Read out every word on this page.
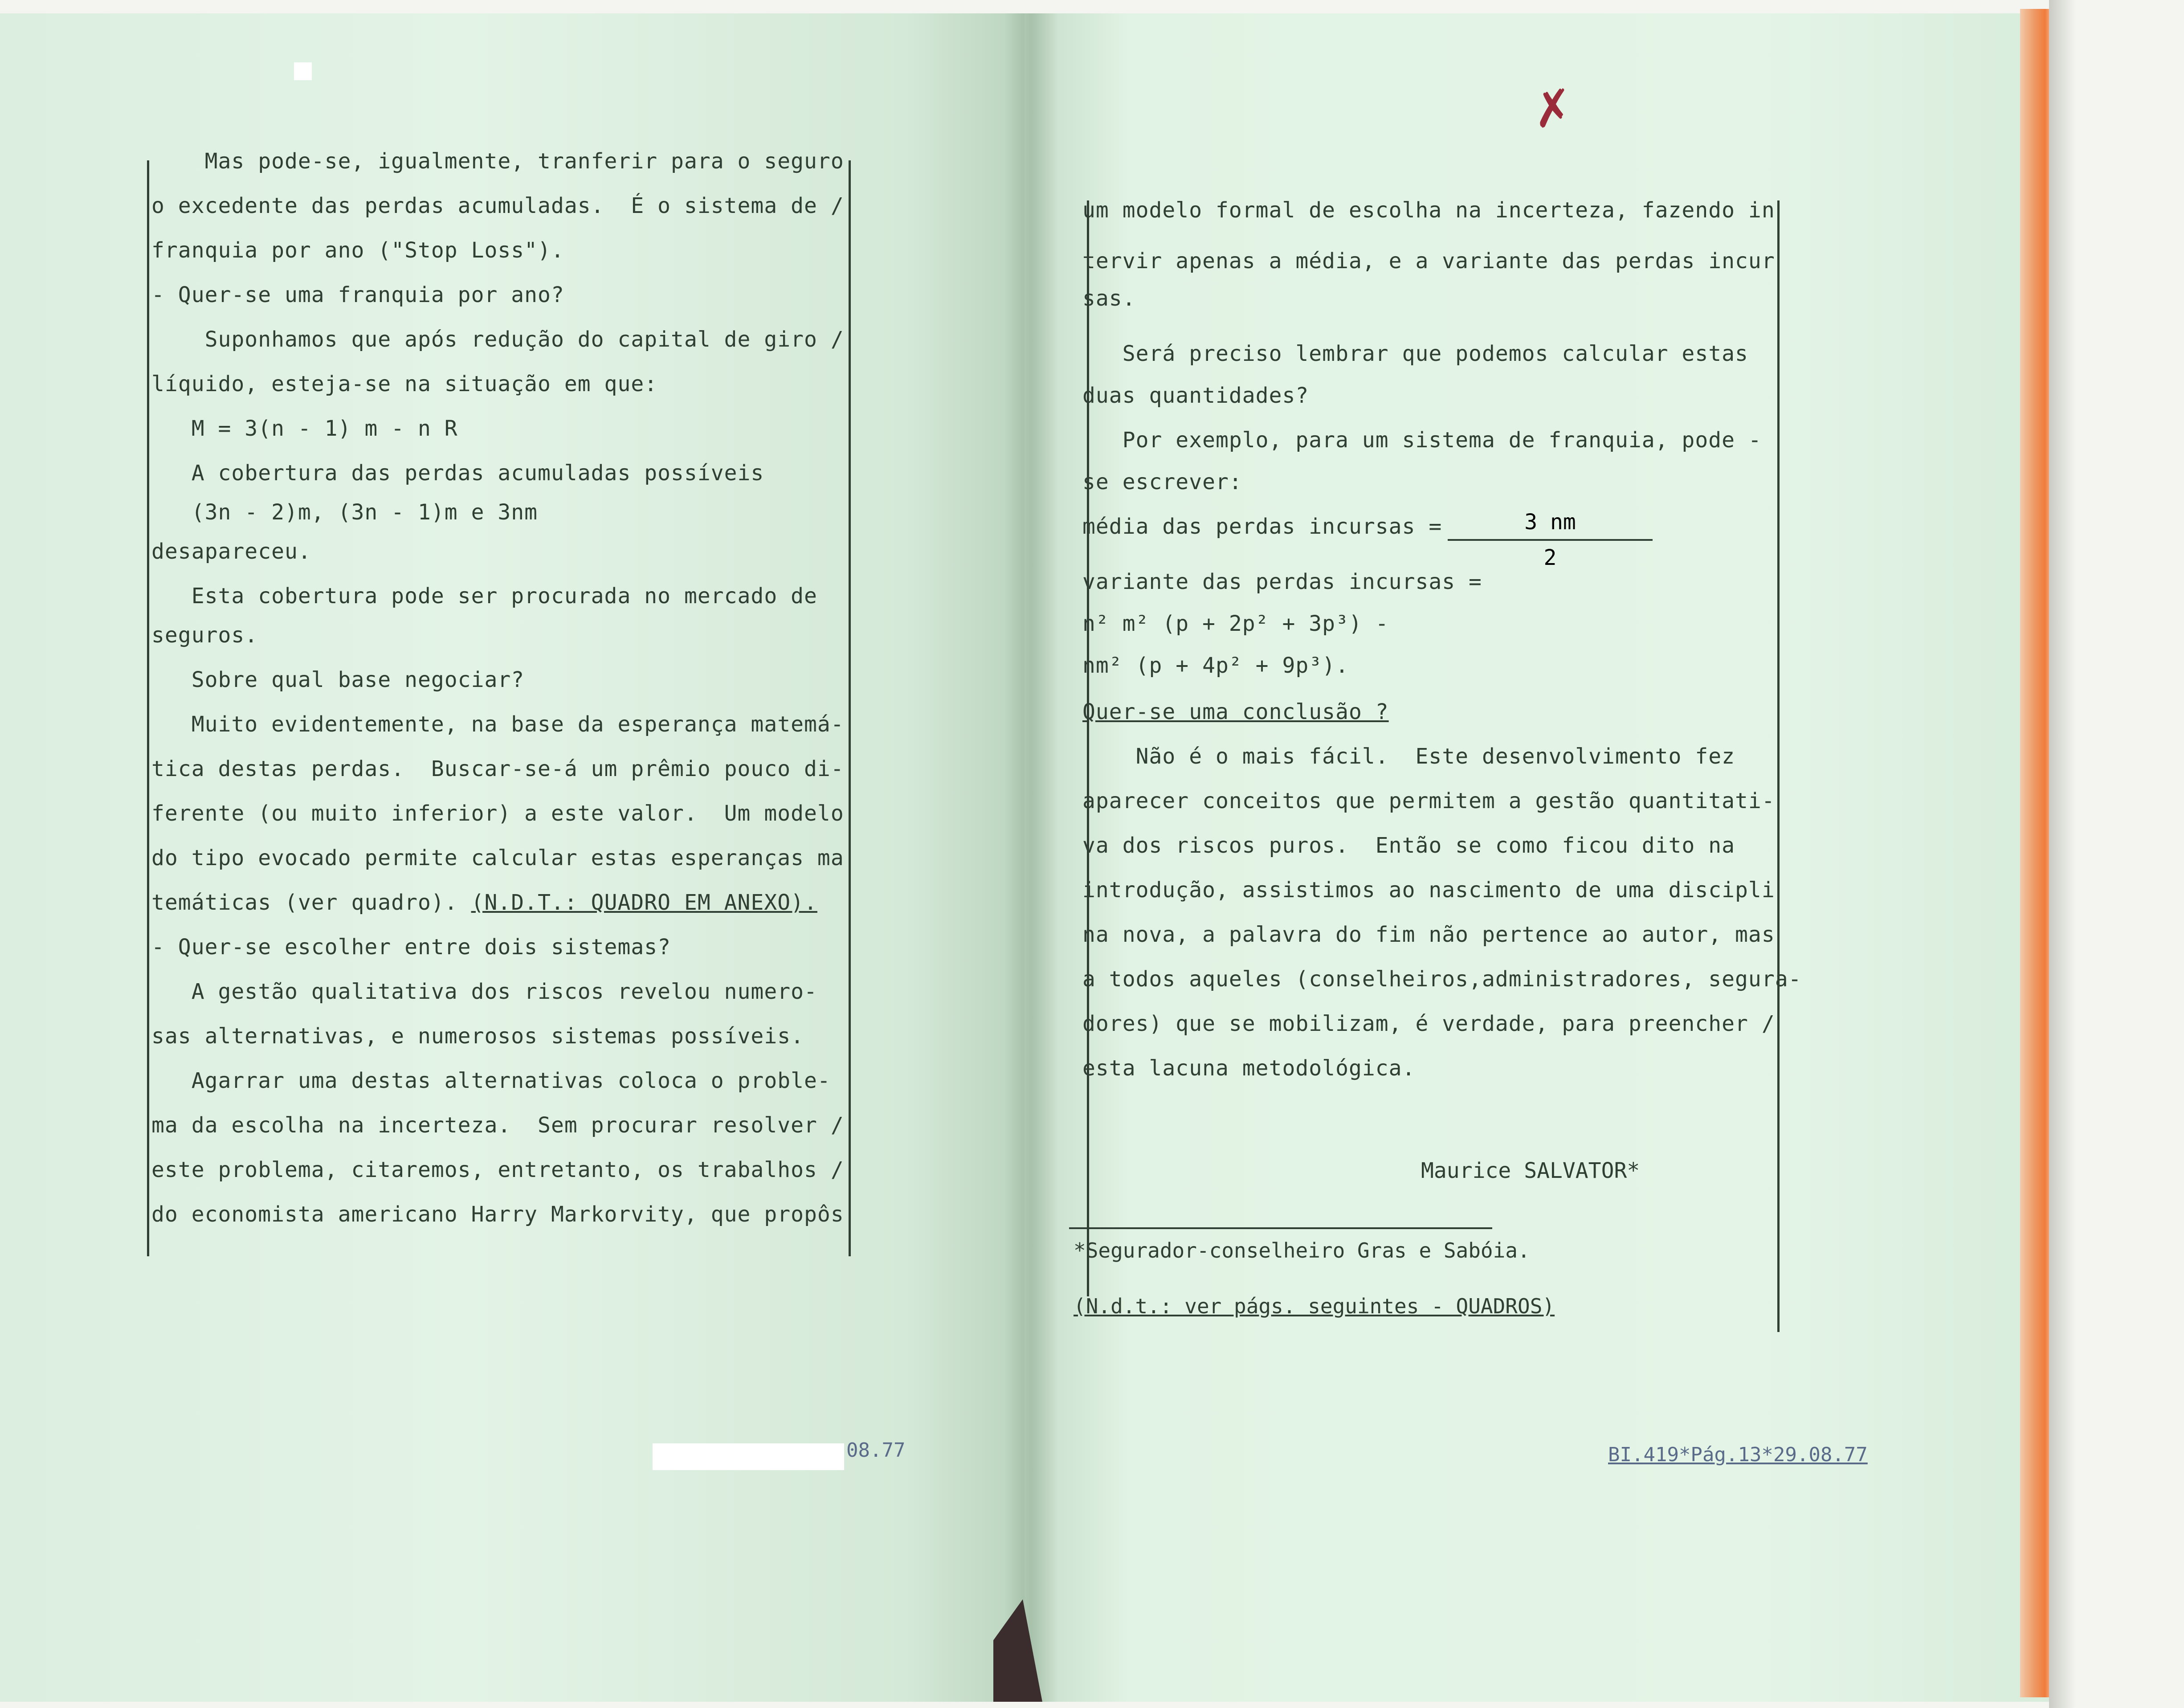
Mas pode-se, igualmente, tranferir para o seguro

o excedente das perdas acumuladas.  É o sistema de /

franquia por ano ("Stop Loss").

- Quer-se uma franquia por ano?

Suponhamos que após redução do capital de giro /

líquido, esteja-se na situação em que:

M = 3(n - 1) m - n R

A cobertura das perdas acumuladas possíveis

(3n - 2)m, (3n - 1)m e 3nm

desapareceu.

Esta cobertura pode ser procurada no mercado de

seguros.

Sobre qual base negociar?

Muito evidentemente, na base da esperança matemá-

tica destas perdas.  Buscar-se-á um prêmio pouco di-

ferente (ou muito inferior) a este valor.  Um modelo

do tipo evocado permite calcular estas esperanças ma

temáticas (ver quadro). (N.D.T.: QUADRO EM ANEXO).

- Quer-se escolher entre dois sistemas?

A gestão qualitativa dos riscos revelou numero-

sas alternativas, e numerosos sistemas possíveis.

Agarrar uma destas alternativas coloca o proble-

ma da escolha na incerteza.  Sem procurar resolver /

este problema, citaremos, entretanto, os trabalhos /

do economista americano Harry Markorvity, que propôs

08.77
✗

um modelo formal de escolha na incerteza, fazendo in

tervir apenas a média, e a variante das perdas incur

sas.

Será preciso lembrar que podemos calcular estas

duas quantidades?

Por exemplo, para um sistema de franquia, pode -

se escrever:

média das perdas incursas =

variante das perdas incursas =

n² m² (p + 2p² + 3p³) -

nm² (p + 4p² + 9p³).

Quer-se uma conclusão ?

Não é o mais fácil.  Este desenvolvimento fez

aparecer conceitos que permitem a gestão quantitati-

va dos riscos puros.  Então se como ficou dito na

introdução, assistimos ao nascimento de uma discipli

na nova, a palavra do fim não pertence ao autor, mas

a todos aqueles (conselheiros,administradores, segura-

dores) que se mobilizam, é verdade, para preencher /

esta lacuna metodológica.

3 nm
2
Maurice SALVATOR*
*Segurador-conselheiro Gras e Sabóia.
(N.d.t.: ver págs. seguintes - QUADROS)
BI.419*Pág.13*29.08.77
